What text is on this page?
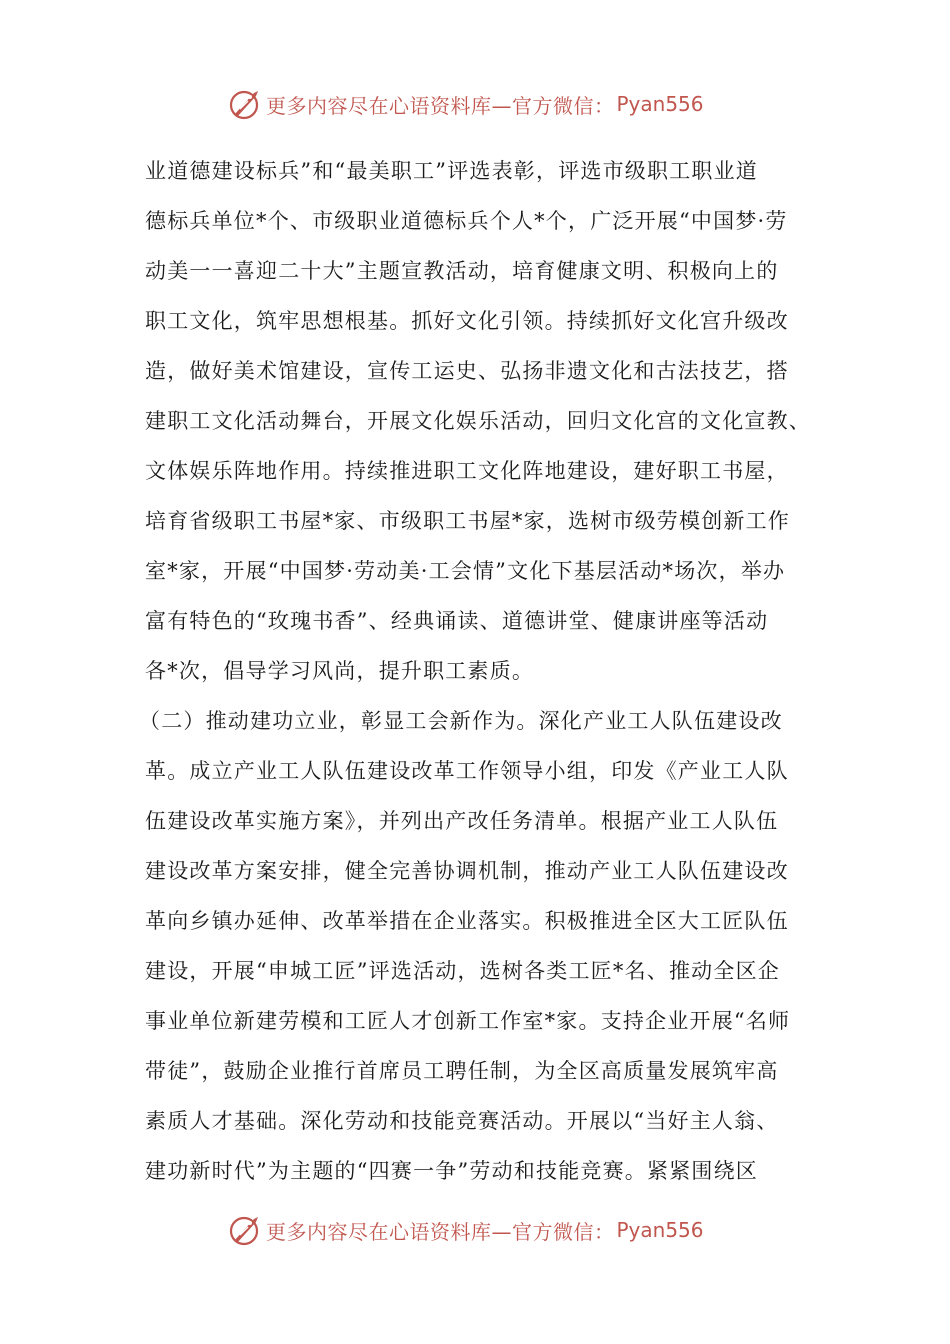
更多内容尽在心语资料库—官方微信： Pyan556
业道德建设标兵”和“最美职工”评选表彰，评选市级职工职业道
德标兵单位*个、市级职业道德标兵个人*个，广泛开展“中国梦·劳
动美一一喜迎二十大”主题宣教活动，培育健康文明、积极向上的
职工文化，筑牢思想根基。抓好文化引领。持续抓好文化宫升级改
造，做好美术馆建设，宣传工运史、弘扬非遗文化和古法技艺，搭
建职工文化活动舞台，开展文化娱乐活动，回归文化宫的文化宣教、
文体娱乐阵地作用。持续推进职工文化阵地建设，建好职工书屋，
培育省级职工书屋*家、市级职工书屋*家，选树市级劳模创新工作
室*家，开展“中国梦·劳动美·工会情”文化下基层活动*场次，举办
富有特色的“玫瑰书香”、经典诵读、道德讲堂、健康讲座等活动
各*次，倡导学习风尚，提升职工素质。
（二）推动建功立业，彰显工会新作为。深化产业工人队伍建设改
革。成立产业工人队伍建设改革工作领导小组，印发《产业工人队
伍建设改革实施方案》，并列出产改任务清单。根据产业工人队伍
建设改革方案安排，健全完善协调机制，推动产业工人队伍建设改
革向乡镇办延伸、改革举措在企业落实。积极推进全区大工匠队伍
建设，开展“申城工匠”评选活动，选树各类工匠*名、推动全区企
事业单位新建劳模和工匠人才创新工作室*家。支持企业开展“名师
带徒”，鼓励企业推行首席员工聘任制，为全区高质量发展筑牢高
素质人才基础。深化劳动和技能竞赛活动。开展以“当好主人翁、
建功新时代”为主题的“四赛一争”劳动和技能竞赛。紧紧围绕区
更多内容尽在心语资料库—官方微信： Pyan556
